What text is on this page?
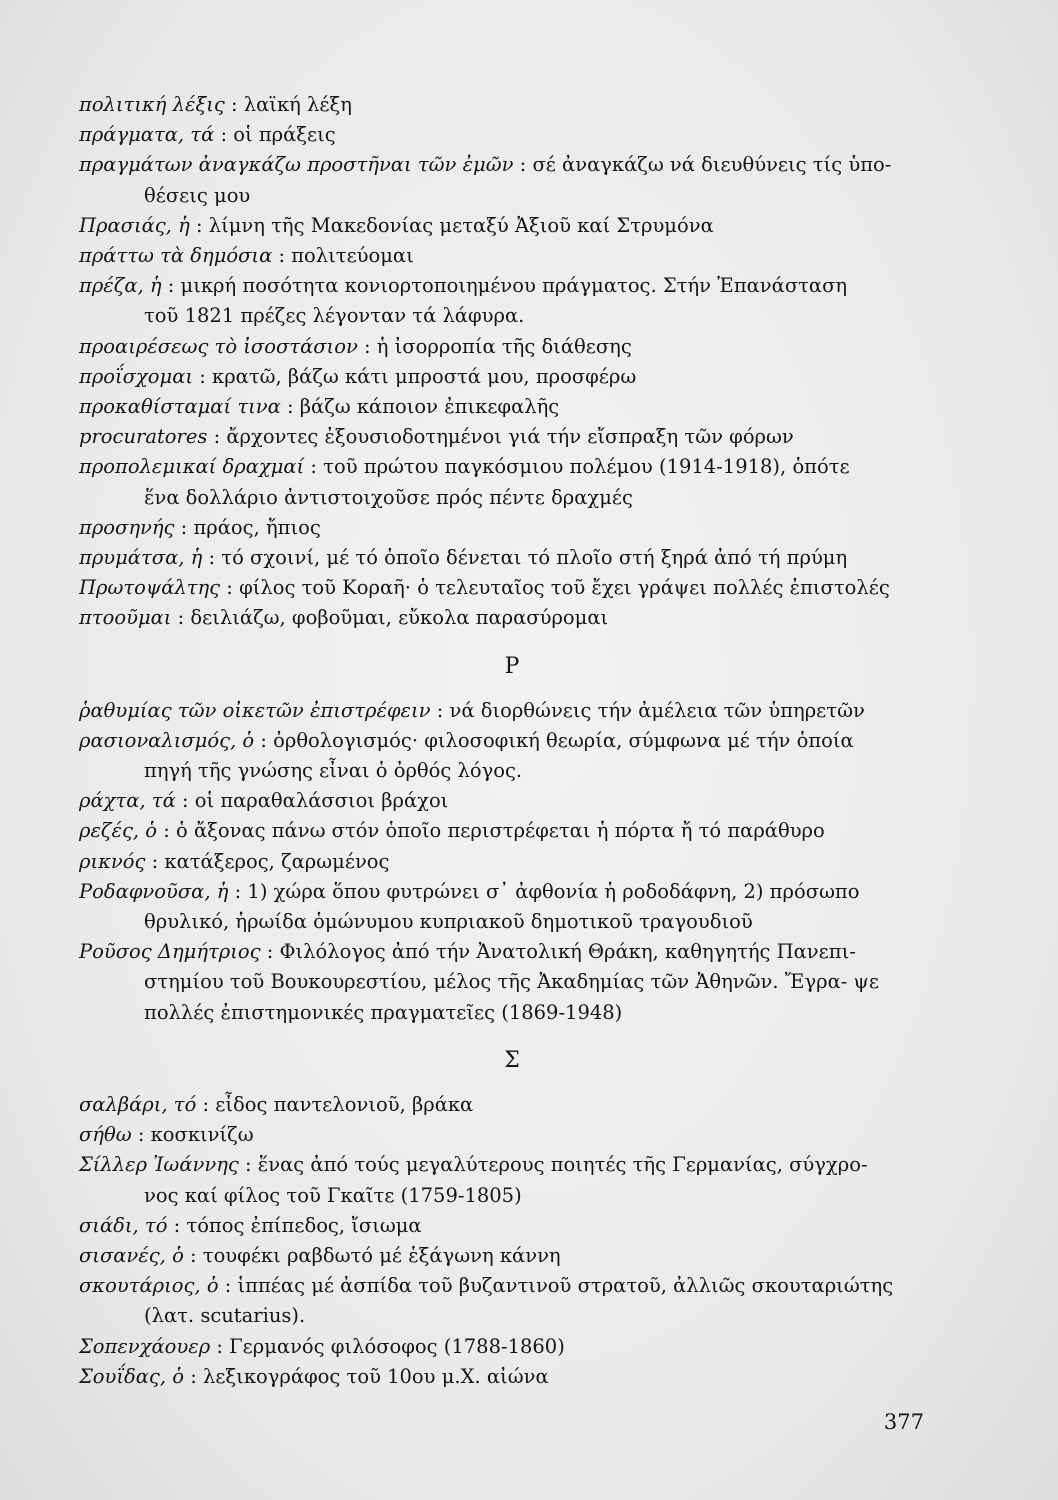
πολιτική λέξις : λαϊκή λέξη

πράγματα, τά : οἱ πράξεις

πραγμάτων ἀναγκάζω προστῆναι τῶν ἐμῶν : σέ ἀναγκάζω νά διευθύνεις τίς ὑπο-
θέσεις μου

Πρασιάς, ἡ : λίμνη τῆς Μακεδονίας μεταξύ Ἀξιοῦ καί Στρυμόνα

πράττω τὰ δημόσια : πολιτεύομαι

πρέζα, ἡ : μικρή ποσότητα κονιορτοποιημένου πράγματος. Στήν Ἐπανάσταση
τοῦ 1821 πρέζες λέγονταν τά λάφυρα.

προαιρέσεως τὸ ἰσοστάσιον : ἡ ἰσορροπία τῆς διάθεσης

προΐσχομαι : κρατῶ, βάζω κάτι μπροστά μου, προσφέρω

προκαθίσταμαί τινα : βάζω κάποιον ἐπικεφαλῆς

procuratores : ἄρχοντες ἐξουσιοδοτημένοι γιά τήν εἴσπραξη τῶν φόρων

προπολεμικαί δραχμαί : τοῦ πρώτου παγκόσμιου πολέμου (1914-1918), ὁπότε
ἕνα δολλάριο ἀντιστοιχοῦσε πρός πέντε δραχμές

προσηνής : πράος, ἤπιος

πρυμάτσα, ἡ : τό σχοινί, μέ τό ὁποῖο δένεται τό πλοῖο στή ξηρά ἀπό τή πρύμη

Πρωτοψάλτης : φίλος τοῦ Κοραῆ· ὁ τελευταῖος τοῦ ἔχει γράψει πολλές ἐπιστολές

πτοοῦμαι : δειλιάζω, φοβοῦμαι, εὔκολα παρασύρομαι

Ρ

ῥαθυμίας τῶν οἰκετῶν ἐπιστρέφειν : νά διορθώνεις τήν ἀμέλεια τῶν ὑπηρετῶν

ρασιοναλισμός, ὁ : ὀρθολογισμός· φιλοσοφική θεωρία, σύμφωνα μέ τήν ὁποία
πηγή τῆς γνώσης εἶναι ὁ ὀρθός λόγος.

ράχτα, τά : οἱ παραθαλάσσιοι βράχοι

ρεζές, ὁ : ὁ ἄξονας πάνω στόν ὁποῖο περιστρέφεται ἡ πόρτα ἤ τό παράθυρο

ρικνός : κατάξερος, ζαρωμένος

Ροδαφνοῦσα, ἡ : 1) χώρα ὅπου φυτρώνει σ᾽ ἀφθονία ἡ ροδοδάφνη, 2) πρόσωπο
θρυλικό, ἡρωίδα ὁμώνυμου κυπριακοῦ δημοτικοῦ τραγουδιοῦ

Ροῦσος Δημήτριος : Φιλόλογος ἀπό τήν Ἀνατολική Θράκη, καθηγητής Πανεπι-
στημίου τοῦ Βουκουρεστίου, μέλος τῆς Ἀκαδημίας τῶν Ἀθηνῶν. Ἔγρα- ψε πολλές ἐπιστημονικές πραγματεῖες (1869-1948)

Σ

σαλβάρι, τό : εἶδος παντελονιοῦ, βράκα

σήθω : κοσκινίζω

Σίλλερ Ἰωάννης : ἕνας ἀπό τούς μεγαλύτερους ποιητές τῆς Γερμανίας, σύγχρο-
νος καί φίλος τοῦ Γκαῖτε (1759-1805)

σιάδι, τό : τόπος ἐπίπεδος, ἴσιωμα

σισανές, ὁ : τουφέκι ραβδωτό μέ ἑξάγωνη κάννη

σκουτάριος, ὁ : ἱππέας μέ ἀσπίδα τοῦ βυζαντινοῦ στρατοῦ, ἀλλιῶς σκουταριώτης
(λατ. scutarius).

Σοπενχάουερ : Γερμανός φιλόσοφος (1788-1860)

Σουΐδας, ὁ : λεξικογράφος τοῦ 10ου μ.Χ. αἰώνα

377
